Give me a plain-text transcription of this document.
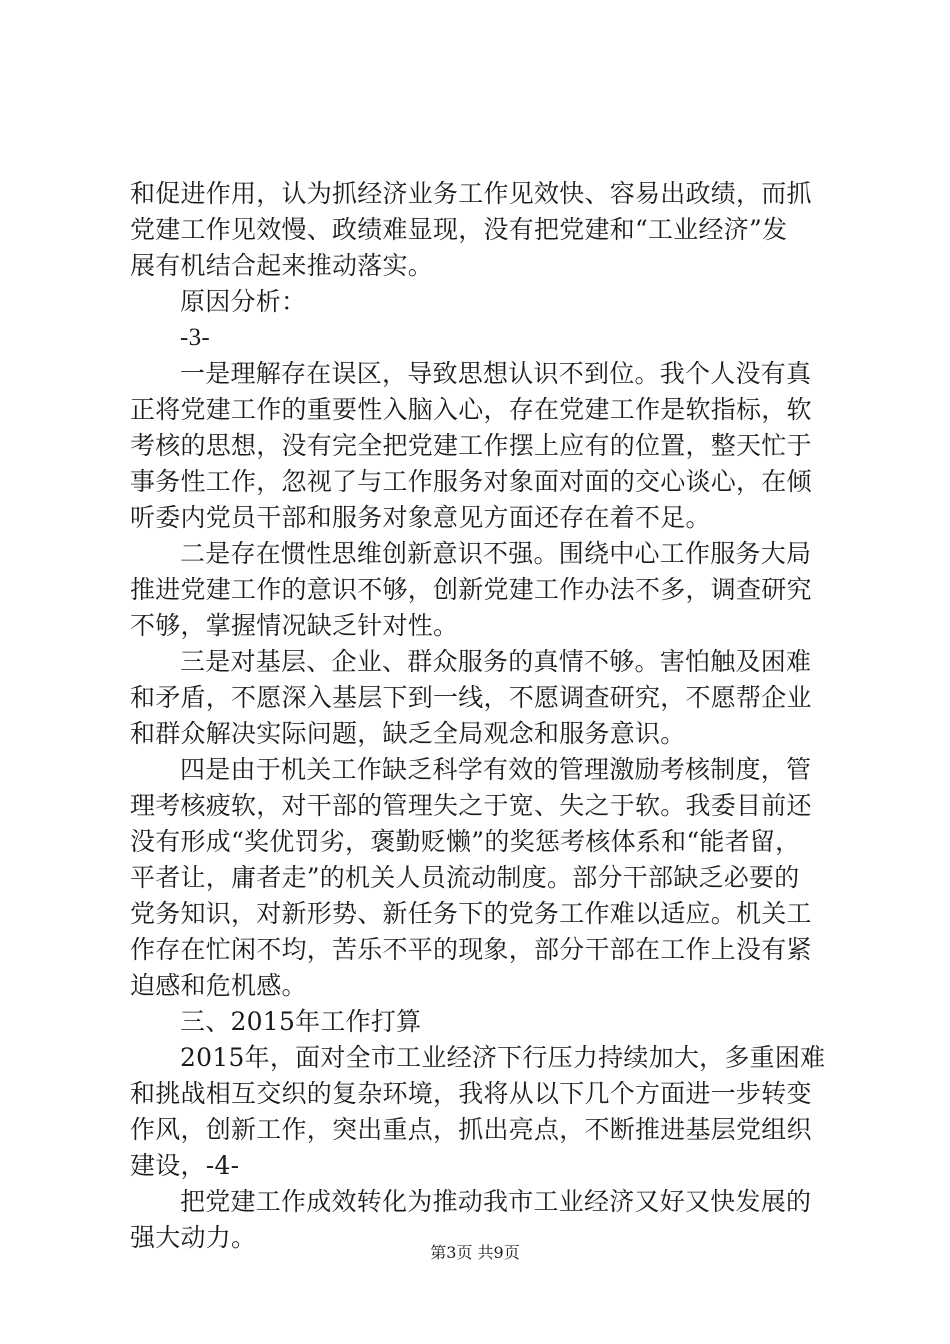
和促进作用，认为抓经济业务工作见效快、容易出政绩，而抓
党建工作见效慢、政绩难显现，没有把党建和“工业经济”发
展有机结合起来推动落实。
原因分析：
-3-
一是理解存在误区，导致思想认识不到位。我个人没有真
正将党建工作的重要性入脑入心，存在党建工作是软指标，软
考核的思想，没有完全把党建工作摆上应有的位置，整天忙于
事务性工作，忽视了与工作服务对象面对面的交心谈心，在倾
听委内党员干部和服务对象意见方面还存在着不足。
二是存在惯性思维创新意识不强。围绕中心工作服务大局
推进党建工作的意识不够，创新党建工作办法不多，调查研究
不够，掌握情况缺乏针对性。
三是对基层、企业、群众服务的真情不够。害怕触及困难
和矛盾，不愿深入基层下到一线，不愿调查研究，不愿帮企业
和群众解决实际问题，缺乏全局观念和服务意识。
四是由于机关工作缺乏科学有效的管理激励考核制度，管
理考核疲软，对干部的管理失之于宽、失之于软。我委目前还
没有形成“奖优罚劣，褒勤贬懒”的奖惩考核体系和“能者留，
平者让，庸者走”的机关人员流动制度。部分干部缺乏必要的
党务知识，对新形势、新任务下的党务工作难以适应。机关工
作存在忙闲不均，苦乐不平的现象，部分干部在工作上没有紧
迫感和危机感。
三、2015年工作打算
2015年，面对全市工业经济下行压力持续加大，多重困难
和挑战相互交织的复杂环境，我将从以下几个方面进一步转变
作风，创新工作，突出重点，抓出亮点，不断推进基层党组织
建设，-4-
把党建工作成效转化为推动我市工业经济又好又快发展的
强大动力。
第3页 共9页
